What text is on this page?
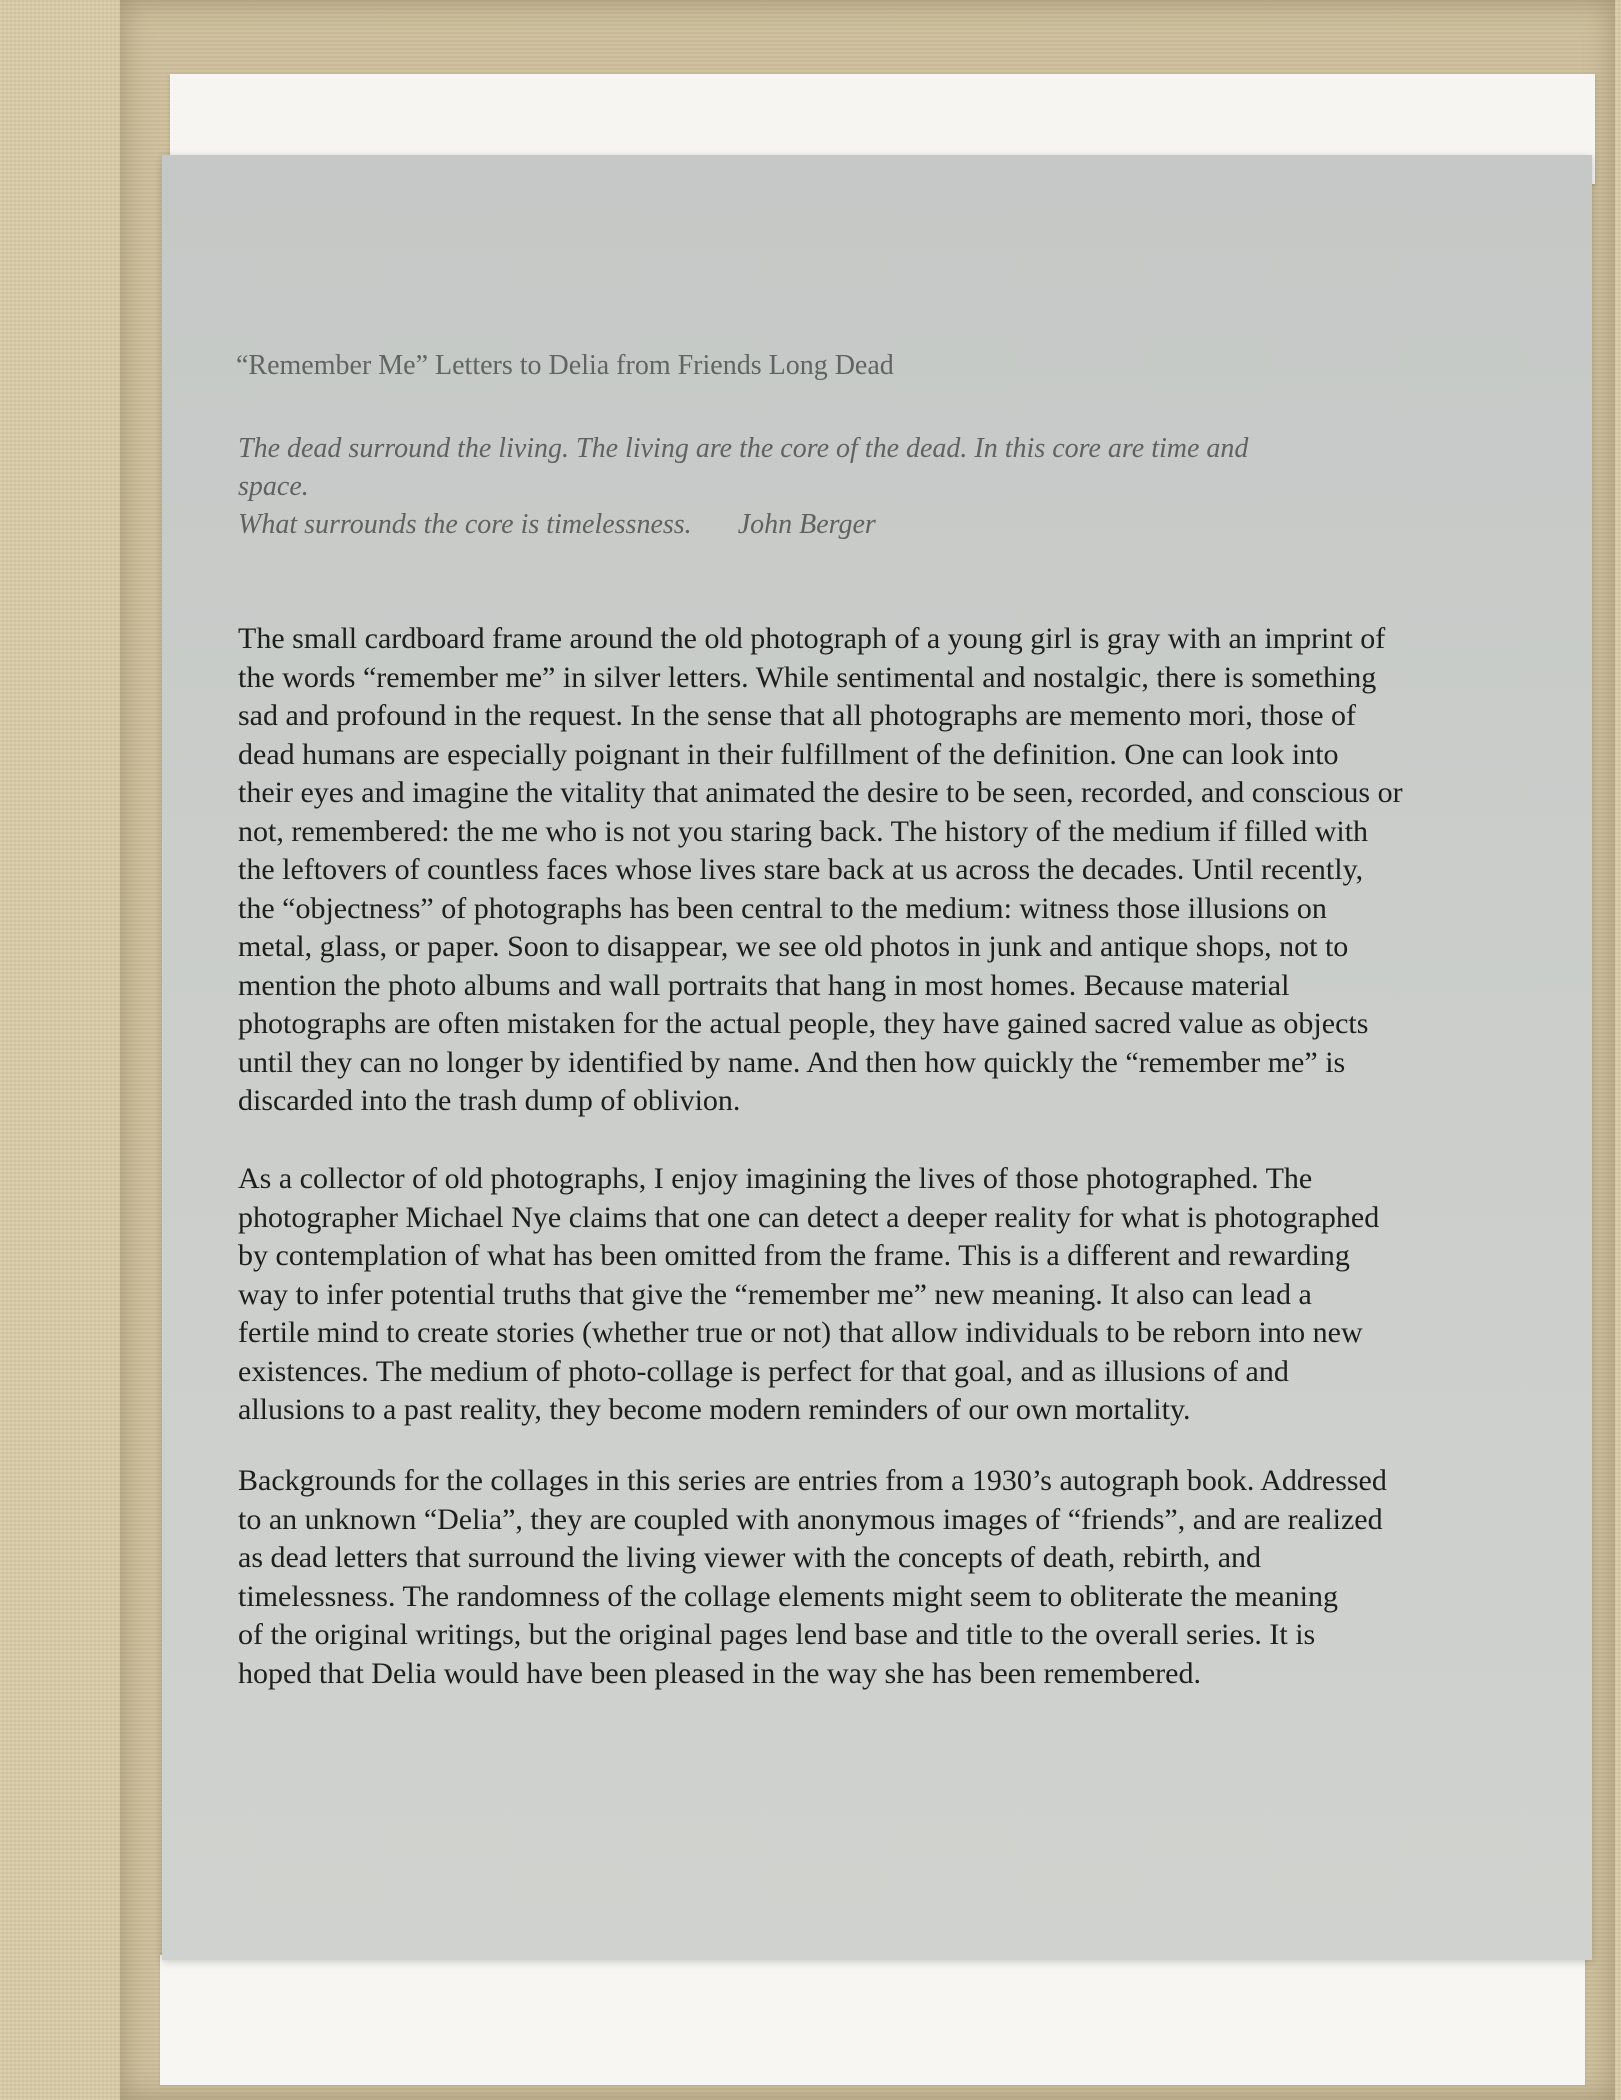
“Remember Me” Letters to Delia from Friends Long Dead
The dead surround the living. The living are the core of the dead. In this core are time and
space.
What surrounds the core is timelessness. John Berger
The small cardboard frame around the old photograph of a young girl is gray with an imprint of
the words “remember me” in silver letters. While sentimental and nostalgic, there is something
sad and profound in the request. In the sense that all photographs are memento mori, those of
dead humans are especially poignant in their fulfillment of the definition. One can look into
their eyes and imagine the vitality that animated the desire to be seen, recorded, and conscious or
not, remembered: the me who is not you staring back. The history of the medium if filled with
the leftovers of countless faces whose lives stare back at us across the decades. Until recently,
the “objectness” of photographs has been central to the medium: witness those illusions on
metal, glass, or paper. Soon to disappear, we see old photos in junk and antique shops, not to
mention the photo albums and wall portraits that hang in most homes. Because material
photographs are often mistaken for the actual people, they have gained sacred value as objects
until they can no longer by identified by name. And then how quickly the “remember me” is
discarded into the trash dump of oblivion.
As a collector of old photographs, I enjoy imagining the lives of those photographed. The
photographer Michael Nye claims that one can detect a deeper reality for what is photographed
by contemplation of what has been omitted from the frame. This is a different and rewarding
way to infer potential truths that give the “remember me” new meaning. It also can lead a
fertile mind to create stories (whether true or not) that allow individuals to be reborn into new
existences. The medium of photo-collage is perfect for that goal, and as illusions of and
allusions to a past reality, they become modern reminders of our own mortality.
Backgrounds for the collages in this series are entries from a 1930’s autograph book. Addressed
to an unknown “Delia”, they are coupled with anonymous images of “friends”, and are realized
as dead letters that surround the living viewer with the concepts of death, rebirth, and
timelessness. The randomness of the collage elements might seem to obliterate the meaning
of the original writings, but the original pages lend base and title to the overall series. It is
hoped that Delia would have been pleased in the way she has been remembered.
